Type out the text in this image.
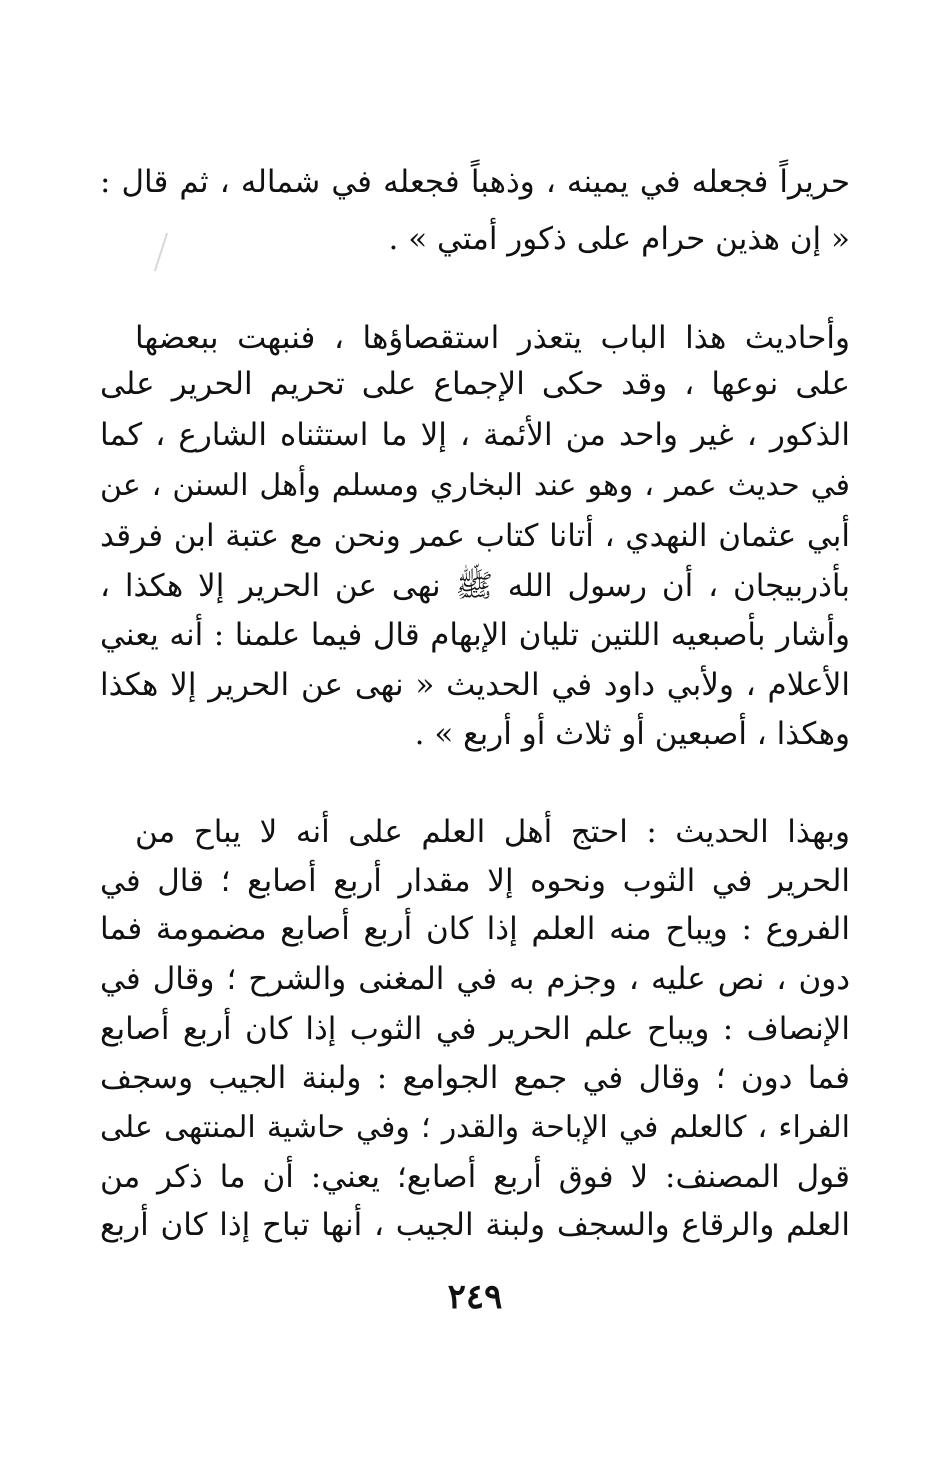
حريراً فجعله في يمينه ، وذهباً فجعله في شماله ، ثم قال :
« إن هذين حرام على ذكور أمتي » .
وأحاديث هذا الباب يتعذر استقصاؤها ، فنبهت ببعضها
على نوعها ، وقد حكى الإجماع على تحريم الحرير على
الذكور ، غير واحد من الأئمة ، إلا ما استثناه الشارع ، كما
في حديث عمر ، وهو عند البخاري ومسلم وأهل السنن ، عن
أبي عثمان النهدي ، أتانا كتاب عمر ونحن مع عتبة ابن فرقد
بأذربيجان ، أن رسول الله ﷺ نهى عن الحرير إلا هكذا ،
وأشار بأصبعيه اللتين تليان الإبهام قال فيما علمنا : أنه يعني
الأعلام ، ولأبي داود في الحديث « نهى عن الحرير إلا هكذا
وهكذا ، أصبعين أو ثلاث أو أربع » .
وبهذا الحديث : احتج أهل العلم على أنه لا يباح من
الحرير في الثوب ونحوه إلا مقدار أربع أصابع ؛ قال في
الفروع : ويباح منه العلم إذا كان أربع أصابع مضمومة فما
دون ، نص عليه ، وجزم به في المغنى والشرح ؛ وقال في
الإنصاف : ويباح علم الحرير في الثوب إذا كان أربع أصابع
فما دون ؛ وقال في جمع الجوامع : ولبنة الجيب وسجف
الفراء ، كالعلم في الإباحة والقدر ؛ وفي حاشية المنتهى على
قول المصنف: لا فوق أربع أصابع؛ يعني: أن ما ذكر من
العلم والرقاع والسجف ولبنة الجيب ، أنها تباح إذا كان أربع
٢٤٩
